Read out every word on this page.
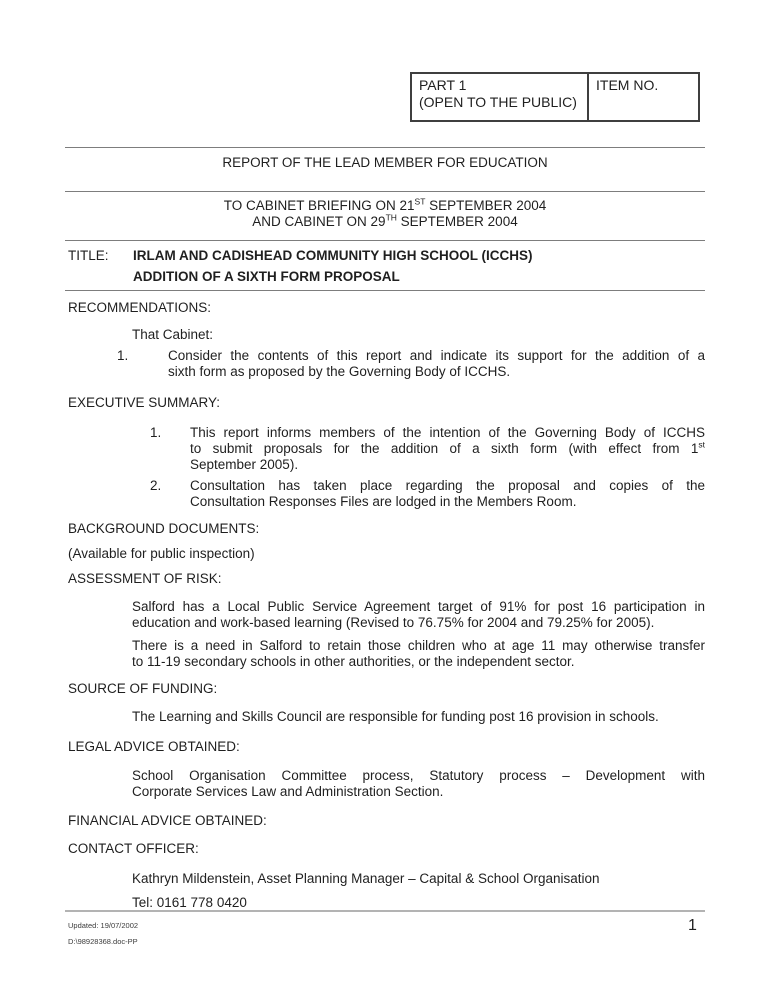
PART 1
(OPEN TO THE PUBLIC)
ITEM NO.
REPORT OF THE LEAD MEMBER FOR EDUCATION
TO CABINET BRIEFING ON 21ST SEPTEMBER 2004
AND CABINET ON 29TH SEPTEMBER 2004
TITLE: IRLAM AND CADISHEAD COMMUNITY HIGH SCHOOL (ICCHS)
ADDITION OF A SIXTH FORM PROPOSAL
RECOMMENDATIONS:
That Cabinet:
1.	Consider the contents of this report and indicate its support for the addition of a
sixth form as proposed by the Governing Body of ICCHS.
EXECUTIVE SUMMARY:
1. This report informs members of the intention of the Governing Body of ICCHS
to submit proposals for the addition of a sixth form (with effect from 1st
September 2005).
2. Consultation has taken place regarding the proposal and copies of the
Consultation Responses Files are lodged in the Members Room.
BACKGROUND DOCUMENTS:
(Available for public inspection)
ASSESSMENT OF RISK:
Salford has a Local Public Service Agreement target of 91% for post 16 participation in
education and work-based learning (Revised to 76.75% for 2004 and 79.25% for 2005).
There is a need in Salford to retain those children who at age 11 may otherwise transfer
to 11-19 secondary schools in other authorities, or the independent sector.
SOURCE OF FUNDING:
The Learning and Skills Council are responsible for funding post 16 provision in schools.
LEGAL ADVICE OBTAINED:
School Organisation Committee process, Statutory process – Development with
Corporate Services Law and Administration Section.
FINANCIAL ADVICE OBTAINED:
CONTACT OFFICER:
Kathryn Mildenstein, Asset Planning Manager – Capital & School Organisation
Tel: 0161 778 0420
Updated: 19/07/2002
D:\98928368.doc-PP
1
